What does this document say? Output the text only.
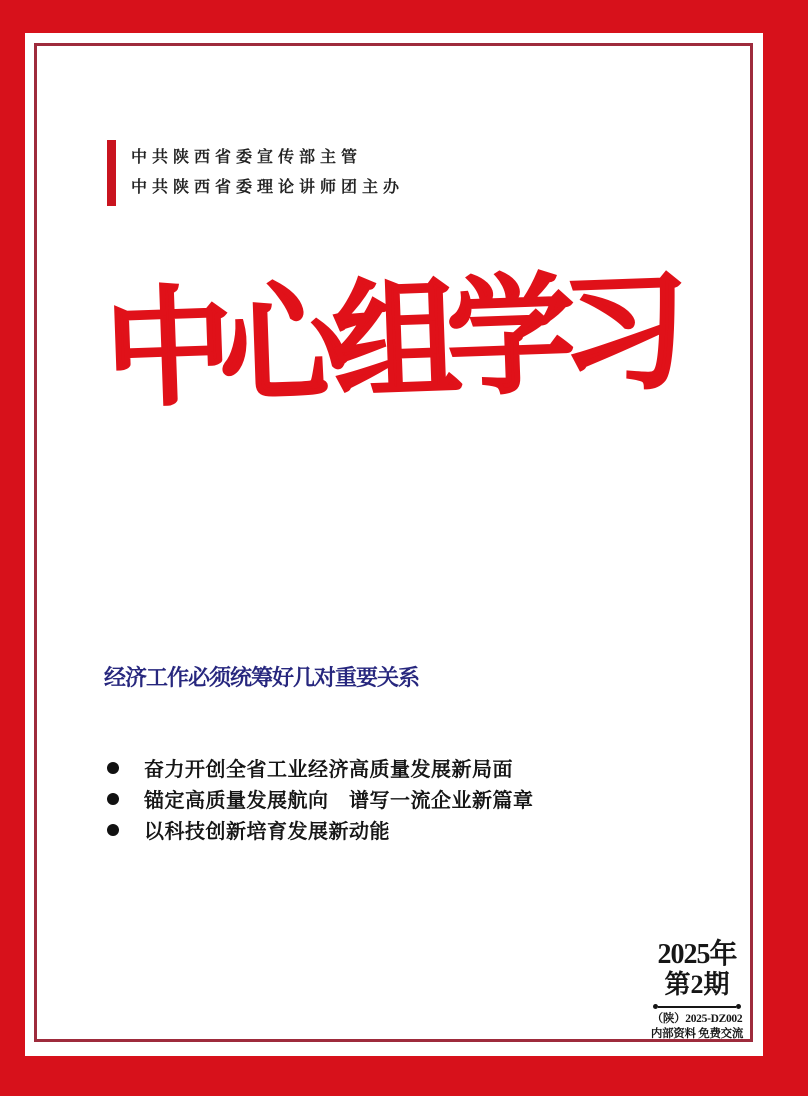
中共陕西省委宣传部主管
中共陕西省委理论讲师团主办
中心组学习
经济工作必须统筹好几对重要关系
奋力开创全省工业经济高质量发展新局面
锚定高质量发展航向　谱写一流企业新篇章
以科技创新培育发展新动能
2025年
第2期
（陕）2025-DZ002
内部资料 免费交流
